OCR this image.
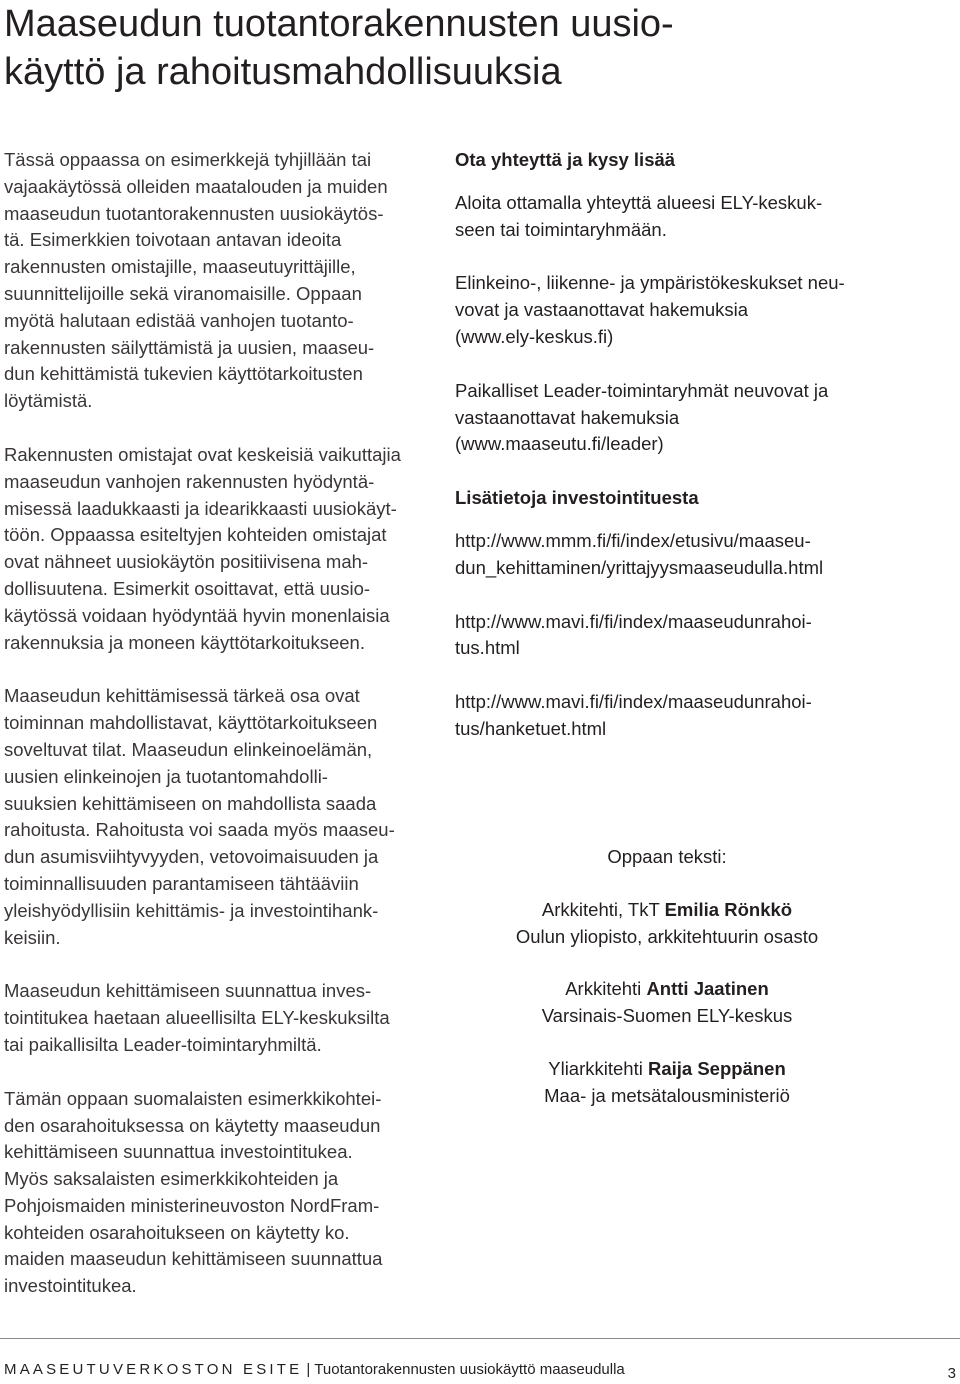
Maaseudun tuotantorakennusten uusio-
käyttö ja rahoitusmahdollisuuksia

Tässä oppaassa on esimerkkejä tyhjillään tai
vajaakäytössä olleiden maatalouden ja muiden
maaseudun tuotantorakennusten uusiokäytös-
tä. Esimerkkien toivotaan antavan ideoita
rakennusten omistajille, maaseutuyrittäjille,
suunnittelijoille sekä viranomaisille. Oppaan
myötä halutaan edistää vanhojen tuotanto-
rakennusten säilyttämistä ja uusien, maaseu-
dun kehittämistä tukevien käyttötarkoitusten
löytämistä.

Rakennusten omistajat ovat keskeisiä vaikuttajia
maaseudun vanhojen rakennusten hyödyntä-
misessä laadukkaasti ja idearikkaasti uusiokäyt-
töön. Oppaassa esiteltyjen kohteiden omistajat
ovat nähneet uusiokäytön positiivisena mah-
dollisuutena. Esimerkit osoittavat, että uusio-
käytössä voidaan hyödyntää hyvin monenlaisia
rakennuksia ja moneen käyttötarkoitukseen.

Maaseudun kehittämisessä tärkeä osa ovat
toiminnan mahdollistavat, käyttötarkoitukseen
soveltuvat tilat. Maaseudun elinkeinoelämän,
uusien elinkeinojen ja tuotantomahdolli-
suuksien kehittämiseen on mahdollista saada
rahoitusta. Rahoitusta voi saada myös maaseu-
dun asumisviihtyvyyden, vetovoimaisuuden ja
toiminnallisuuden parantamiseen tähtääviin
yleishyödyllisiin kehittämis- ja investointihank-
keisiin.

Maaseudun kehittämiseen suunnattua inves-
tointitukea haetaan alueellisilta ELY-keskuksilta
tai paikallisilta Leader-toimintaryhmiltä.

Tämän oppaan suomalaisten esimerkkikohtei-
den osarahoituksessa on käytetty maaseudun
kehittämiseen suunnattua investointitukea.
Myös saksalaisten esimerkkikohteiden ja
Pohjoismaiden ministerineuvoston NordFram-
kohteiden osarahoitukseen on käytetty ko.
maiden maaseudun kehittämiseen suunnattua
investointitukea.

Ota yhteyttä ja kysy lisää

Aloita ottamalla yhteyttä alueesi ELY-keskuk-
seen tai toimintaryhmään.

Elinkeino-, liikenne- ja ympäristökeskukset neu-
vovat ja vastaanottavat hakemuksia
(www.ely-keskus.fi)

Paikalliset Leader-toimintaryhmät neuvovat ja
vastaanottavat hakemuksia
(www.maaseutu.fi/leader)

Lisätietoja investointituesta

http://www.mmm.fi/fi/index/etusivu/maaseu-
dun_kehittaminen/yrittajyysmaaseudulla.html

http://www.mavi.fi/fi/index/maaseudunrahoi-
tus.html

http://www.mavi.fi/fi/index/maaseudunrahoi-
tus/hanketuet.html

Oppaan teksti:
Arkkitehti, TkT Emilia Rönkkö
Oulun yliopisto, arkkitehtuurin osasto
Arkkitehti Antti Jaatinen
Varsinais-Suomen ELY-keskus
Yliarkkitehti Raija Seppänen
Maa- ja metsätalousministeriö
MAASEUTUVERKOSTON ESITE | Tuotantorakennusten uusiokäyttö maaseudulla	3
